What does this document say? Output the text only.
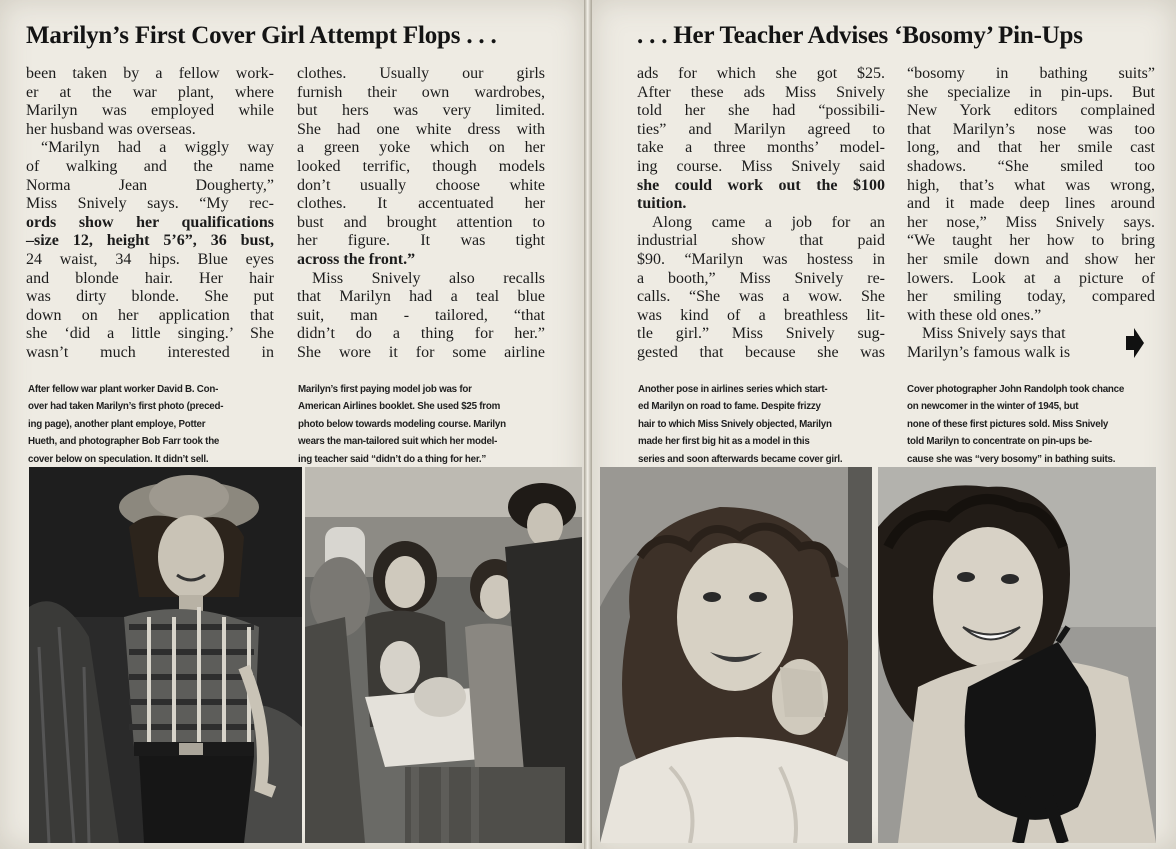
Marilyn’s First Cover Girl Attempt Flops . . .

been taken by a fellow work-

er at the war plant, where

Marilyn was employed while

her husband was overseas.

“Marilyn had a wiggly way

of walking and the name

Norma Jean Dougherty,”

Miss Snively says. “My rec-

ords show her qualifications

–size 12, height 5’6”, 36 bust,

24 waist, 34 hips. Blue eyes

and blonde hair. Her hair

was dirty blonde. She put

down on her application that

she ‘did a little singing.’ She

wasn’t much interested in

clothes. Usually our girls

furnish their own wardrobes,

but hers was very limited.

She had one white dress with

a green yoke which on her

looked terrific, though models

don’t usually choose white

clothes. It accentuated her

bust and brought attention to

her figure. It was tight

across the front.”

Miss Snively also recalls

that Marilyn had a teal blue

suit, man - tailored, “that

didn’t do a thing for her.”

She wore it for some airline

After fellow war plant worker David B. Con-
over had taken Marilyn’s first photo (preced-
ing page), another plant employe, Potter
Hueth, and photographer Bob Farr took the
cover below on speculation. It didn’t sell.
Marilyn’s first paying model job was for
American Airlines booklet. She used $25 from
photo below towards modeling course. Marilyn
wears the man-tailored suit which her model-
ing teacher said “didn’t do a thing for her.”
. . . Her Teacher Advises ‘Bosomy’ Pin-Ups

ads for which she got $25.

After these ads Miss Snively

told her she had “possibili-

ties” and Marilyn agreed to

take a three months’ model-

ing course. Miss Snively said

she could work out the $100

tuition.

Along came a job for an

industrial show that paid

$90. “Marilyn was hostess in

a booth,” Miss Snively re-

calls. “She was a wow. She

was kind of a breathless lit-

tle girl.” Miss Snively sug-

gested that because she was

“bosomy in bathing suits”

she specialize in pin-ups. But

New York editors complained

that Marilyn’s nose was too

long, and that her smile cast

shadows. “She smiled too

high, that’s what was wrong,

and it made deep lines around

her nose,” Miss Snively says.

“We taught her how to bring

her smile down and show her

lowers. Look at a picture of

her smiling today, compared

with these old ones.”

Miss Snively says that

Marilyn’s famous walk is

Another pose in airlines series which start-
ed Marilyn on road to fame. Despite frizzy
hair to which Miss Snively objected, Marilyn
made her first big hit as a model in this
series and soon afterwards became cover girl.
Cover photographer John Randolph took chance
on newcomer in the winter of 1945, but
none of these first pictures sold. Miss Snively
told Marilyn to concentrate on pin-ups be-
cause she was “very bosomy” in bathing suits.
